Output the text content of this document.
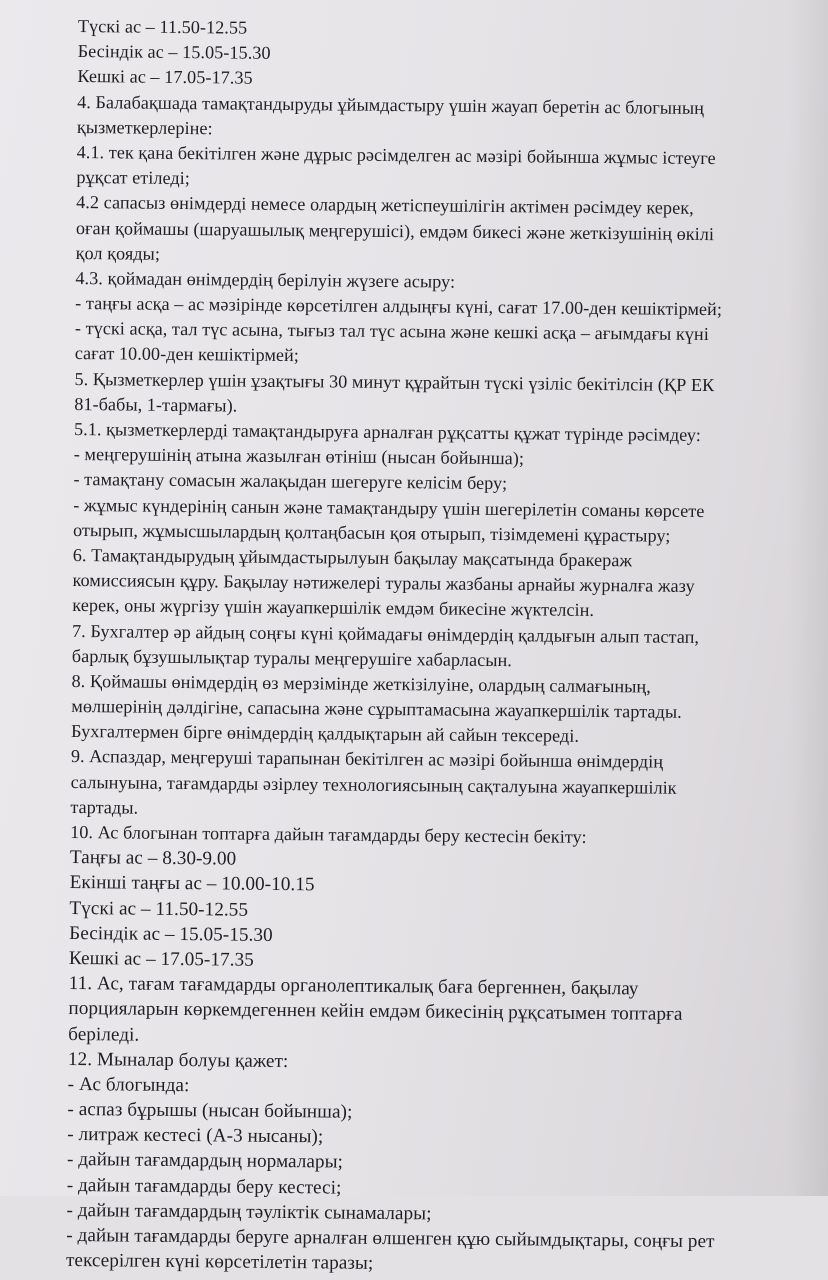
Түскі ас – 11.50-12.55
Бесіндік ас – 15.05-15.30
Кешкі ас – 17.05-17.35
4. Балабақшада тамақтандыруды ұйымдастыру үшін жауап беретін ас блогының
қызметкерлеріне:
4.1. тек қана бекітілген және дұрыс рәсімделген ас мәзірі бойынша жұмыс істеуге
рұқсат етіледі;
4.2 сапасыз өнімдерді немесе олардың жетіспеушілігін актімен рәсімдеу керек,
оған қоймашы (шаруашылық меңгерушісі), емдәм бикесі және жеткізушінің өкілі
қол қояды;
4.3. қоймадан өнімдердің берілуін жүзеге асыру:
- таңғы асқа – ас мәзірінде көрсетілген алдыңғы күні, сағат 17.00-ден кешіктірмей;
- түскі асқа, тал түс асына, тығыз тал түс асына және кешкі асқа – ағымдағы күні
сағат 10.00-ден кешіктірмей;
5. Қызметкерлер үшін ұзақтығы 30 минут құрайтын түскі үзіліс бекітілсін (ҚР ЕК
81-бабы, 1-тармағы).
5.1. қызметкерлерді тамақтандыруға арналған рұқсатты құжат түрінде рәсімдеу:
- меңгерушінің атына жазылған өтініш (нысан бойынша);
- тамақтану сомасын жалақыдан шегеруге келісім беру;
- жұмыс күндерінің санын және тамақтандыру үшін шегерілетін соманы көрсете
отырып, жұмысшылардың қолтаңбасын қоя отырып, тізімдемені құрастыру;
6. Тамақтандырудың ұйымдастырылуын бақылау мақсатында бракераж
комиссиясын құру. Бақылау нәтижелері туралы жазбаны арнайы журналға жазу
керек, оны жүргізу үшін жауапкершілік емдәм бикесіне жүктелсін.
7. Бухгалтер әр айдың соңғы күні қоймадағы өнімдердің қалдығын алып тастап,
барлық бұзушылықтар туралы меңгерушіге хабарласын.
8. Қоймашы өнімдердің өз мерзімінде жеткізілуіне, олардың салмағының,
мөлшерінің дәлдігіне, сапасына және сұрыптамасына жауапкершілік тартады.
Бухгалтермен бірге өнімдердің қалдықтарын ай сайын тексереді.
9. Аспаздар, меңгеруші тарапынан бекітілген ас мәзірі бойынша өнімдердің
салынуына, тағамдарды әзірлеу технологиясының сақталуына жауапкершілік
тартады.
10. Ас блогынан топтарға дайын тағамдарды беру кестесін бекіту:
Таңғы ас – 8.30-9.00
Екінші таңғы ас – 10.00-10.15
Түскі ас – 11.50-12.55
Бесіндік ас – 15.05-15.30
Кешкі ас – 17.05-17.35
11. Ас, тағам тағамдарды органолептикалық баға бергеннен, бақылау
порцияларын көркемдегеннен кейін емдәм бикесінің рұқсатымен топтарға
беріледі.
12. Мыналар болуы қажет:
- Ас блогында:
- аспаз бұрышы (нысан бойынша);
- литраж кестесі (А-3 нысаны);
- дайын тағамдардың нормалары;
- дайын тағамдарды беру кестесі;
- дайын тағамдардың тәуліктік сынамалары;
- дайын тағамдарды беруге арналған өлшенген құю сыйымдықтары, соңғы рет
тексерілген күні көрсетілетін таразы;
